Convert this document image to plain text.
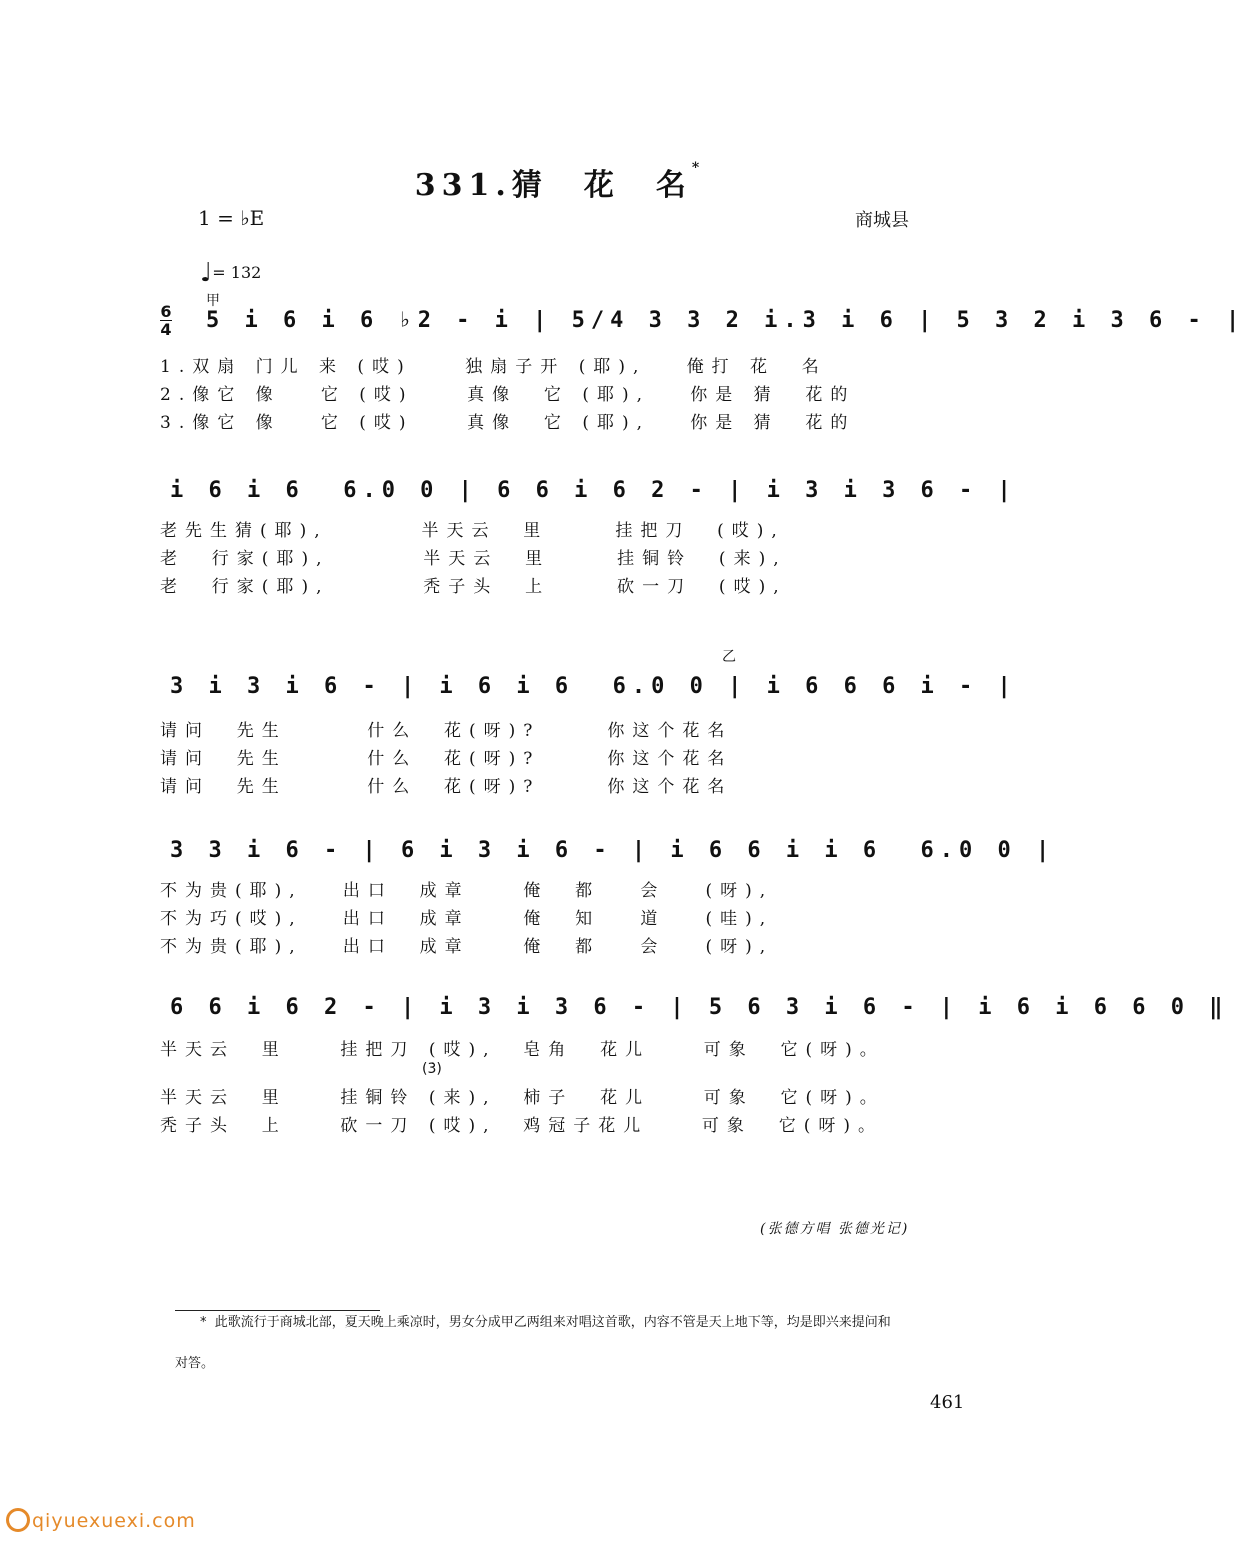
331.猜　花　名*
1 = ♭E	商城县
♩= 132
6
4
甲
5 i 6 i 6 ♭2 - i | 5/4 3 3 2 i.3 i 6 | 5 3 2 i 3 6 - |
1.双扇 门儿 来 (哎)    独扇子开 (耶),   俺打 花  名
2.像它 像   它 (哎)    真像  它 (耶),   你是 猜  花的
3.像它 像   它 (哎)    真像  它 (耶),   你是 猜  花的
i 6 i 6  6.0 0 | 6 6 i 6 2 - | i 3 i 3 6 - |
老先生猜(耶),       半天云  里     挂把刀  (哎),
老  行家(耶),       半天云  里     挂铜铃  (来),
老  行家(耶),       秃子头  上     砍一刀  (哎),
乙
3 i 3 i 6 - | i 6 i 6  6.0 0 | i 6 6 6 i - |
请问  先生      什么  花(呀)?     你这个花名
请问  先生      什么  花(呀)?     你这个花名
请问  先生      什么  花(呀)?     你这个花名
3 3 i 6 - | 6 i 3 i 6 - | i 6 6 i i 6  6.0 0 |
不为贵(耶),   出口  成章    俺  都   会   (呀),
不为巧(哎),   出口  成章    俺  知   道   (哇),
不为贵(耶),   出口  成章    俺  都   会   (呀),
6 6 i 6 2 - | i 3 i 3 6 - | 5 6 3 i 6 - | i 6 i 6 6 0 ‖
半天云  里    挂把刀 (哎),  皂角  花儿    可象  它(呀)。
(3̇)
半天云  里    挂铜铃 (来),  柿子  花儿    可象  它(呀)。
秃子头  上    砍一刀 (哎),  鸡冠子花儿    可象  它(呀)。
(张德方唱 张德光记)
* 此歌流行于商城北部，夏天晚上乘凉时，男女分成甲乙两组来对唱这首歌，内容不管是天上地下等，均是即兴来提问和
对答。
461
qiyuexuexi.com
